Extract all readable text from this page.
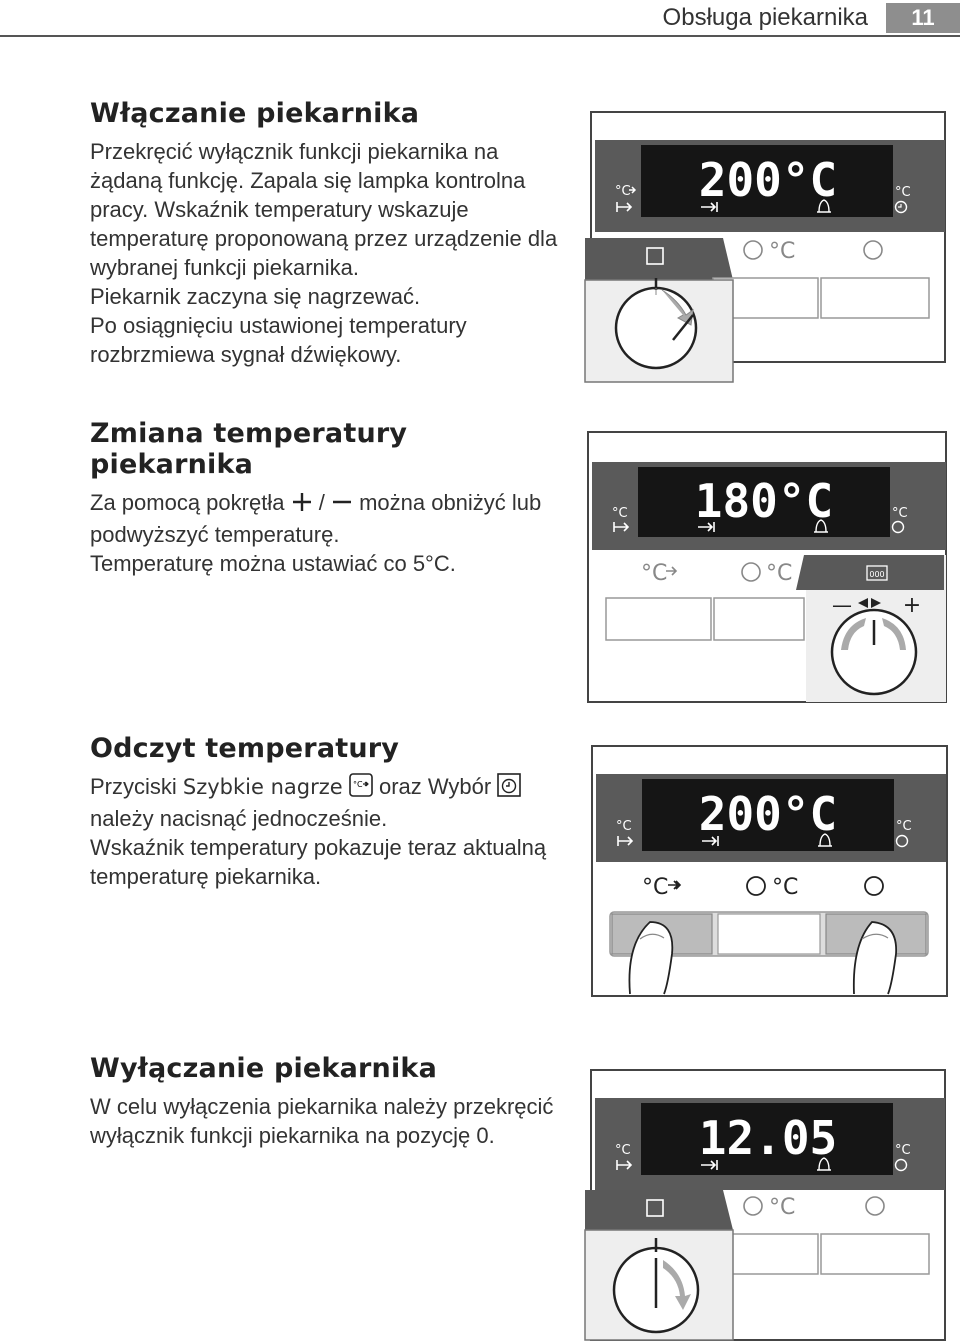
Obsługa piekarnika	11
Włączanie piekarnika

Przekręcić wyłącznik funkcji piekarnika na żądaną funkcję. Zapala się lampka kontrolna pracy. Wskaźnik temperatury wskazuje temperaturę proponowaną przez urządzenie dla wybranej funkcji piekarnika.

Piekarnik zaczyna się nagrzewać.

Po osiągnięciu ustawionej temperatury rozbrzmiewa sygnał dźwiękowy.

Zmiana temperatury piekarnika

Za pomocą pokrętła / można obniżyć lub podwyższyć temperaturę.

Temperaturę można ustawiać co 5°C.

Odczyt temperatury

Przyciski Szybkie nagrze °C oraz Wybór  należy nacisnąć jednocześnie.

Wskaźnik temperatury pokazuje teraz aktualną temperaturę piekarnika.

Wyłączanie piekarnika

W celu wyłączenia piekarnika należy przekręcić wyłącznik funkcji piekarnika na pozycję 0.

200°C
°C	°C
°C
180°C
°C	°C
°C	°C	000
— +
200°C
°C	°C
°C	°C
12.05
°C	°C
°C
